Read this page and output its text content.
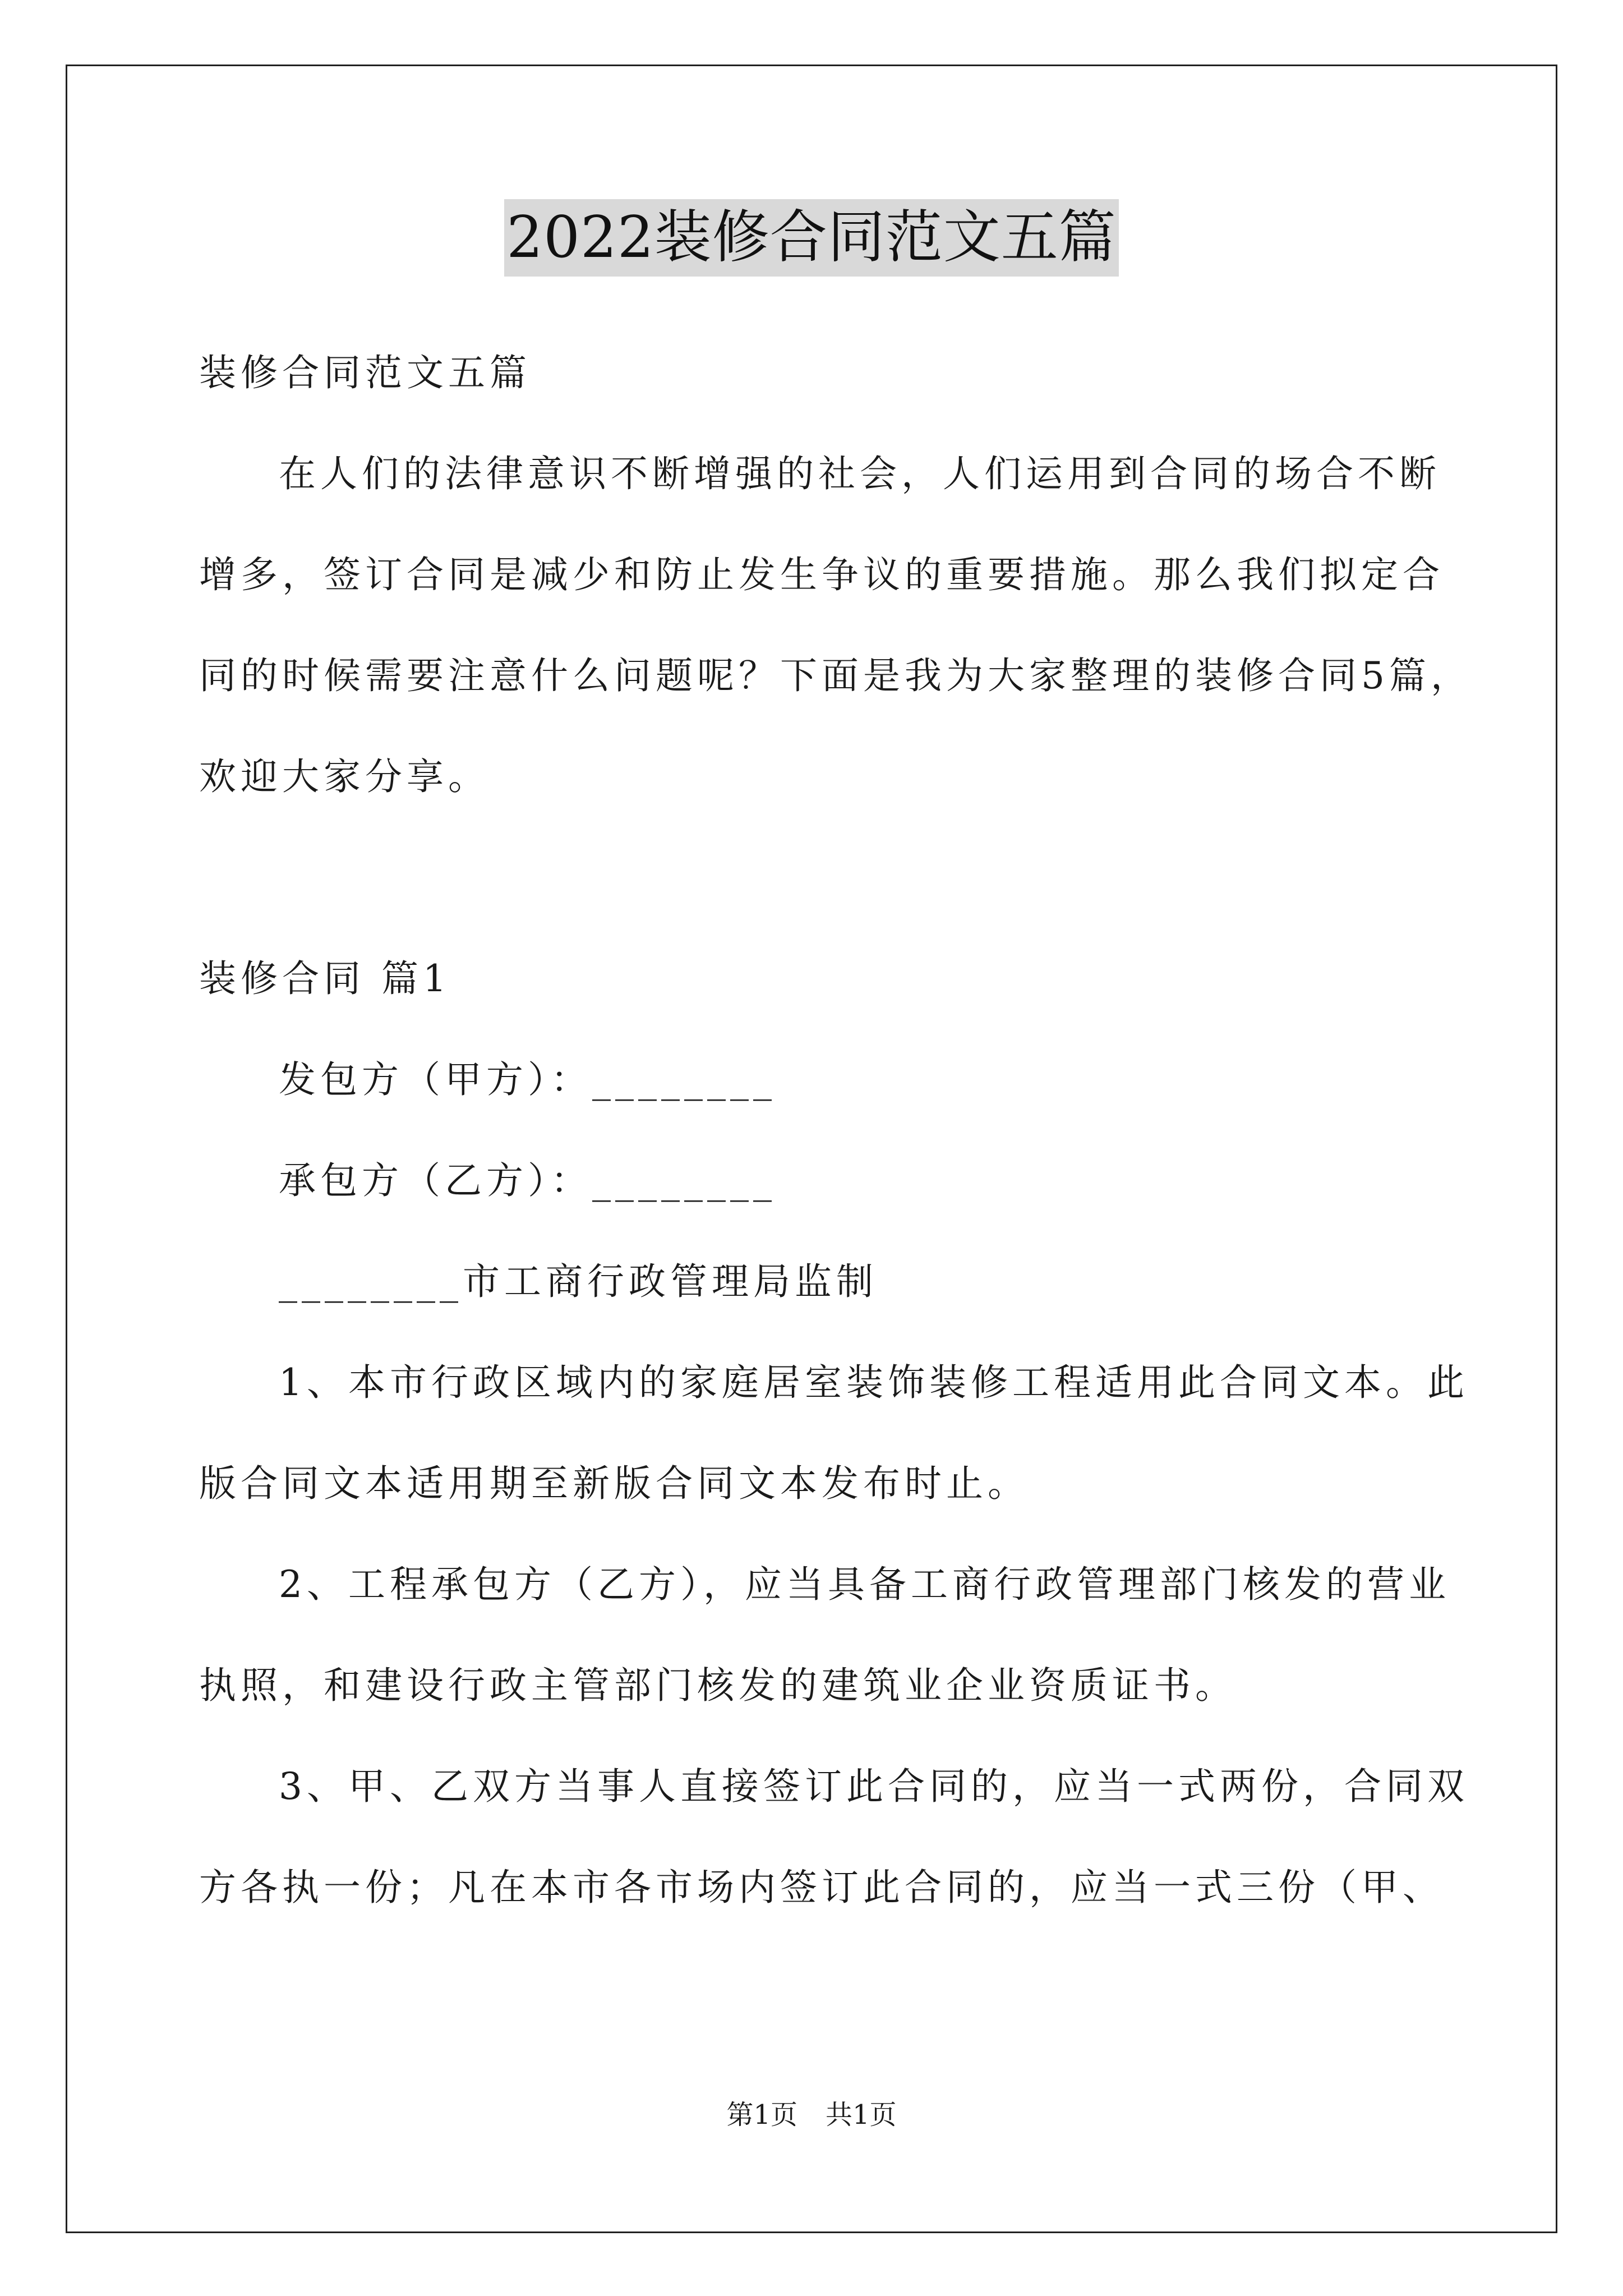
2022装修合同范文五篇

装修合同范文五篇

在人们的法律意识不断增强的社会，人们运用到合同的场合不断

增多，签订合同是减少和防止发生争议的重要措施。那么我们拟定合

同的时候需要注意什么问题呢？下面是我为大家整理的装修合同5篇，

欢迎大家分享。

装修合同 篇1

发包方（甲方）：________

承包方（乙方）：________

________市工商行政管理局监制

1、本市行政区域内的家庭居室装饰装修工程适用此合同文本。此

版合同文本适用期至新版合同文本发布时止。

2、工程承包方（乙方），应当具备工商行政管理部门核发的营业

执照，和建设行政主管部门核发的建筑业企业资质证书。

3、甲、乙双方当事人直接签订此合同的，应当一式两份，合同双

方各执一份；凡在本市各市场内签订此合同的，应当一式三份（甲、

第1页 共1页
